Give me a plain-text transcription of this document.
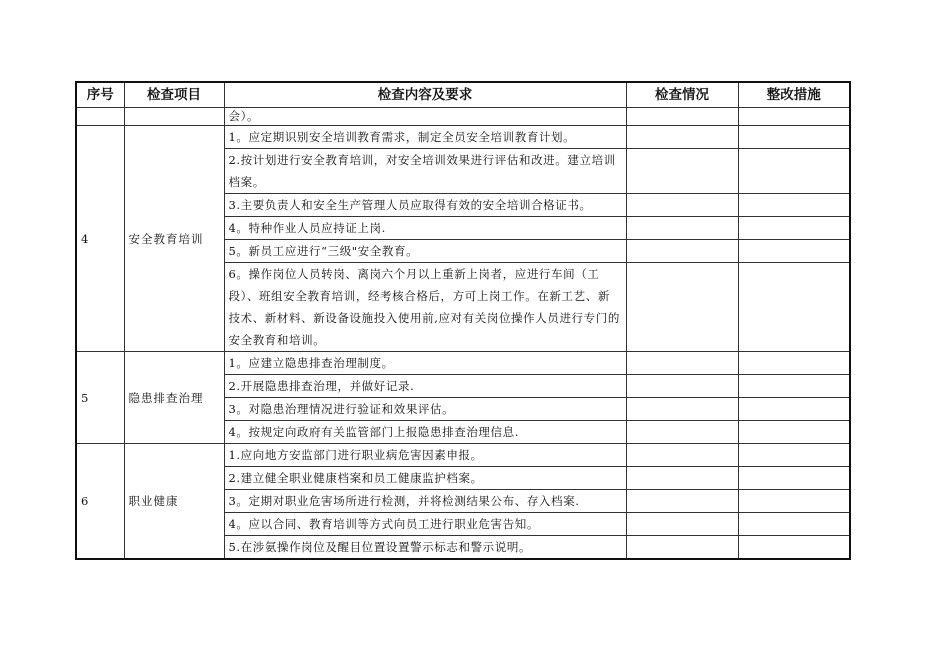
序号	检查项目	检查内容及要求	检查情况	整改措施
		会）。		
4	安全教育培训	1。应定期识别安全培训教育需求，制定全员安全培训教育计划。		
		2.按计划进行安全教育培训，对安全培训效果进行评估和改进。建立培训档案。		
		3.主要负责人和安全生产管理人员应取得有效的安全培训合格证书。		
		4。特种作业人员应持证上岗.		
		5。新员工应进行“三级"安全教育。		
		6。操作岗位人员转岗、离岗六个月以上重新上岗者，应进行车间（工段）、班组安全教育培训，经考核合格后，方可上岗工作。在新工艺、新技术、新材料、新设备设施投入使用前,应对有关岗位操作人员进行专门的安全教育和培训。		
5	隐患排查治理	1。应建立隐患排查治理制度。		
		2.开展隐患排查治理，并做好记录.		
		3。对隐患治理情况进行验证和效果评估。		
		4。按规定向政府有关监管部门上报隐患排查治理信息.		
6	职业健康	1.应向地方安监部门进行职业病危害因素申报。		
		2.建立健全职业健康档案和员工健康监护档案。		
		3。定期对职业危害场所进行检测，并将检测结果公布、存入档案.		
		4。应以合同、教育培训等方式向员工进行职业危害告知。		
		5.在涉氨操作岗位及醒目位置设置警示标志和警示说明。		
